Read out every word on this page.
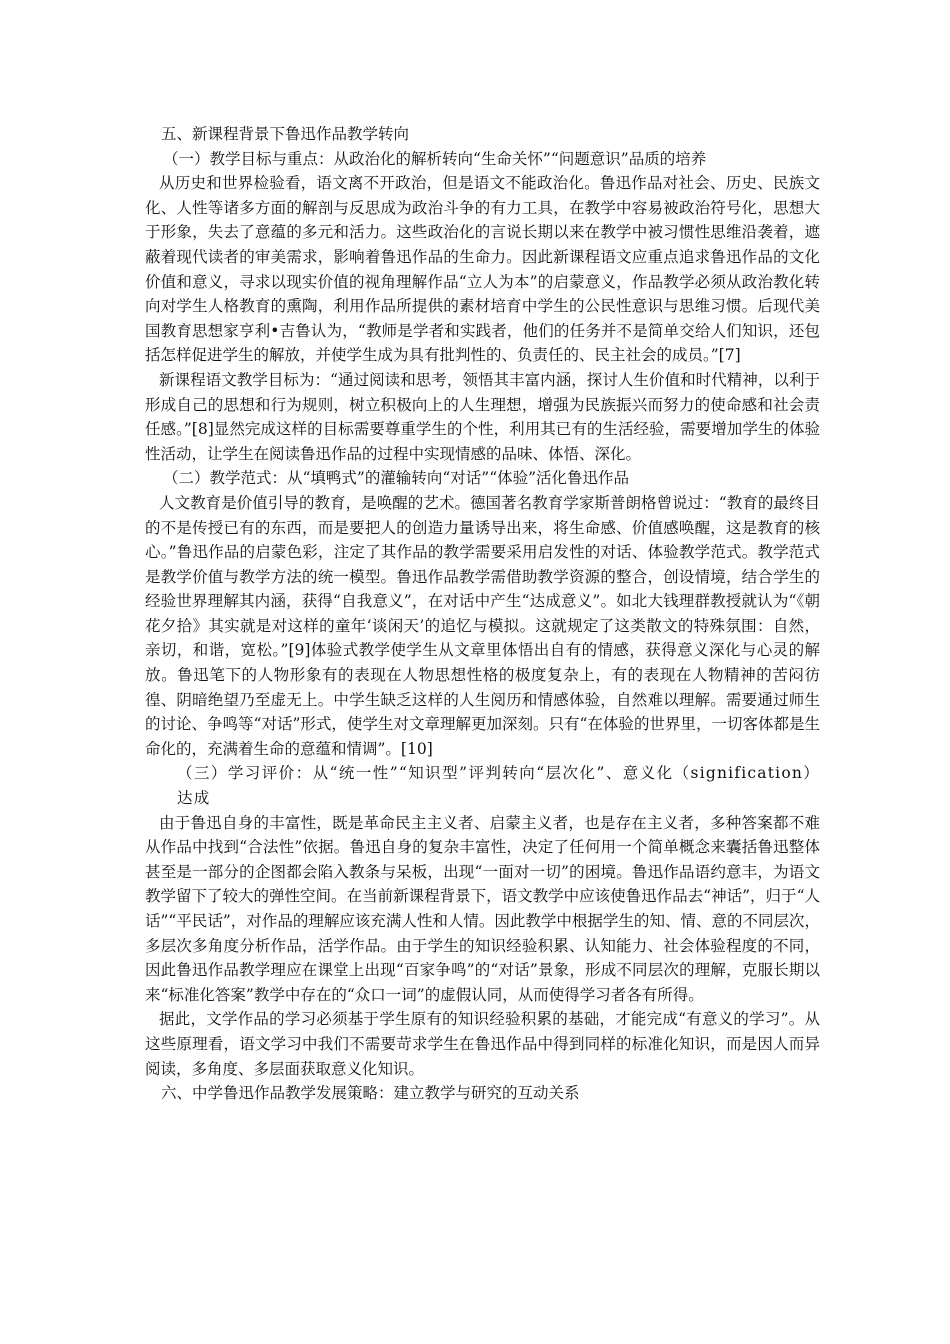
五、新课程背景下鲁迅作品教学转向

（一）教学目标与重点：从政治化的解析转向“生命关怀”“问题意识”品质的培养

从历史和世界检验看，语文离不开政治，但是语文不能政治化。鲁迅作品对社会、历史、民族文化、人性等诸多方面的解剖与反思成为政治斗争的有力工具，在教学中容易被政治符号化，思想大于形象，失去了意蕴的多元和活力。这些政治化的言说长期以来在教学中被习惯性思维沿袭着，遮蔽着现代读者的审美需求，影响着鲁迅作品的生命力。因此新课程语文应重点追求鲁迅作品的文化价值和意义，寻求以现实价值的视角理解作品“立人为本”的启蒙意义，作品教学必须从政治教化转向对学生人格教育的熏陶，利用作品所提供的素材培育中学生的公民性意识与思维习惯。后现代美国教育思想家亨利•吉鲁认为，“教师是学者和实践者，他们的任务并不是简单交给人们知识，还包括怎样促进学生的解放，并使学生成为具有批判性的、负责任的、民主社会的成员。”[7]

新课程语文教学目标为：“通过阅读和思考，领悟其丰富内涵，探讨人生价值和时代精神，以利于形成自己的思想和行为规则，树立积极向上的人生理想，增强为民族振兴而努力的使命感和社会责任感。”[8]显然完成这样的目标需要尊重学生的个性，利用其已有的生活经验，需要增加学生的体验性活动，让学生在阅读鲁迅作品的过程中实现情感的品味、体悟、深化。

（二）教学范式：从“填鸭式”的灌输转向“对话”“体验”活化鲁迅作品

人文教育是价值引导的教育，是唤醒的艺术。德国著名教育学家斯普朗格曾说过：“教育的最终目的不是传授已有的东西，而是要把人的创造力量诱导出来，将生命感、价值感唤醒，这是教育的核心。”鲁迅作品的启蒙色彩，注定了其作品的教学需要采用启发性的对话、体验教学范式。教学范式是教学价值与教学方法的统一模型。鲁迅作品教学需借助教学资源的整合，创设情境，结合学生的经验世界理解其内涵，获得“自我意义”，在对话中产生“达成意义”。如北大钱理群教授就认为“《朝花夕拾》其实就是对这样的童年‘谈闲天’的追忆与模拟。这就规定了这类散文的特殊氛围：自然，亲切，和谐，宽松。”[9]体验式教学使学生从文章里体悟出自有的情感，获得意义深化与心灵的解放。鲁迅笔下的人物形象有的表现在人物思想性格的极度复杂上，有的表现在人物精神的苦闷彷徨、阴暗绝望乃至虚无上。中学生缺乏这样的人生阅历和情感体验，自然难以理解。需要通过师生的讨论、争鸣等“对话”形式，使学生对文章理解更加深刻。只有“在体验的世界里，一切客体都是生命化的，充满着生命的意蕴和情调”。[10]

（三）学习评价：从“统一性”“知识型”评判转向“层次化”、意义化（signification）达成

由于鲁迅自身的丰富性，既是革命民主主义者、启蒙主义者，也是存在主义者，多种答案都不难从作品中找到“合法性”依据。鲁迅自身的复杂丰富性，决定了任何用一个简单概念来囊括鲁迅整体甚至是一部分的企图都会陷入教条与呆板，出现“一面对一切”的困境。鲁迅作品语约意丰，为语文教学留下了较大的弹性空间。在当前新课程背景下，语文教学中应该使鲁迅作品去“神话”，归于“人话”“平民话”，对作品的理解应该充满人性和人情。因此教学中根据学生的知、情、意的不同层次，多层次多角度分析作品，活学作品。由于学生的知识经验积累、认知能力、社会体验程度的不同，因此鲁迅作品教学理应在课堂上出现“百家争鸣”的“对话”景象，形成不同层次的理解，克服长期以来“标准化答案”教学中存在的“众口一词”的虚假认同，从而使得学习者各有所得。

据此，文学作品的学习必须基于学生原有的知识经验积累的基础，才能完成“有意义的学习”。从这些原理看，语文学习中我们不需要苛求学生在鲁迅作品中得到同样的标准化知识，而是因人而异阅读，多角度、多层面获取意义化知识。

六、中学鲁迅作品教学发展策略：建立教学与研究的互动关系
